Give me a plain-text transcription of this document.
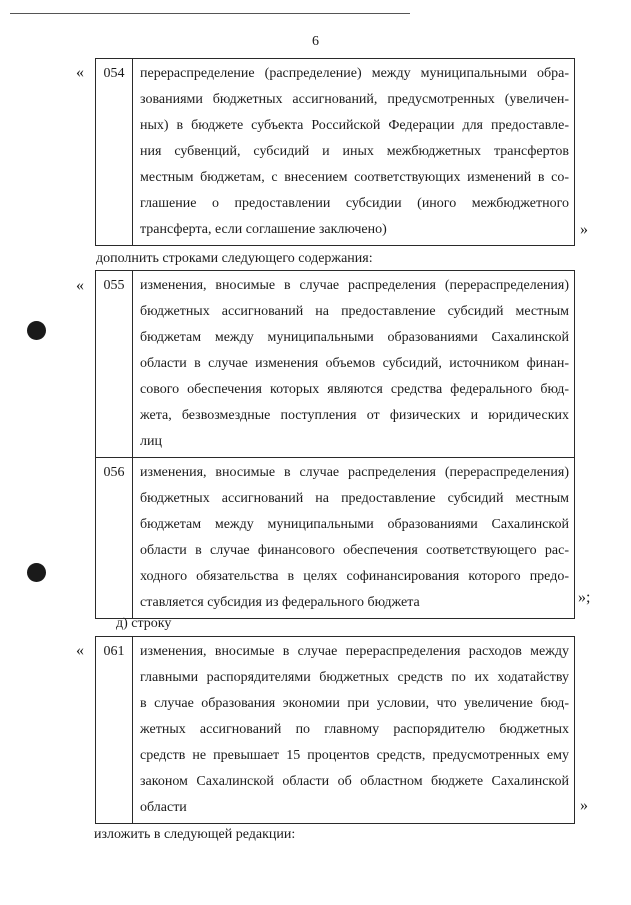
6
«	054	перераспределение (распределение) между муниципальными обра-
зованиями бюджетных ассигнований, предусмотренных (увеличен-
ных) в бюджете субъекта Российской Федерации для предоставле-
ния субвенций, субсидий и иных межбюджетных трансфертов
местным бюджетам, с внесением соответствующих изменений в со-
глашение о предоставлении субсидии (иного межбюджетного
трансферта, если соглашение заключено)	»
дополнить строками следующего содержания:
«	055	изменения, вносимые в случае распределения (перераспределения)
бюджетных ассигнований на предоставление субсидий местным
бюджетам между муниципальными образованиями Сахалинской
области в случае изменения объемов субсидий, источником финан-
сового обеспечения которых являются средства федерального бюд-
жета, безвозмездные поступления от физических и юридических
лиц
056	изменения, вносимые в случае распределения (перераспределения)
бюджетных ассигнований на предоставление субсидий местным
бюджетам между муниципальными образованиями Сахалинской
области в случае финансового обеспечения соответствующего рас-
ходного обязательства в целях софинансирования которого предо-
ставляется субсидия из федерального бюджета	»;
д) строку
«	061	изменения, вносимые в случае перераспределения расходов между
главными распорядителями бюджетных средств по их ходатайству
в случае образования экономии при условии, что увеличение бюд-
жетных ассигнований по главному распорядителю бюджетных
средств не превышает 15 процентов средств, предусмотренных ему
законом Сахалинской области об областном бюджете Сахалинской
области	»
изложить в следующей редакции:
